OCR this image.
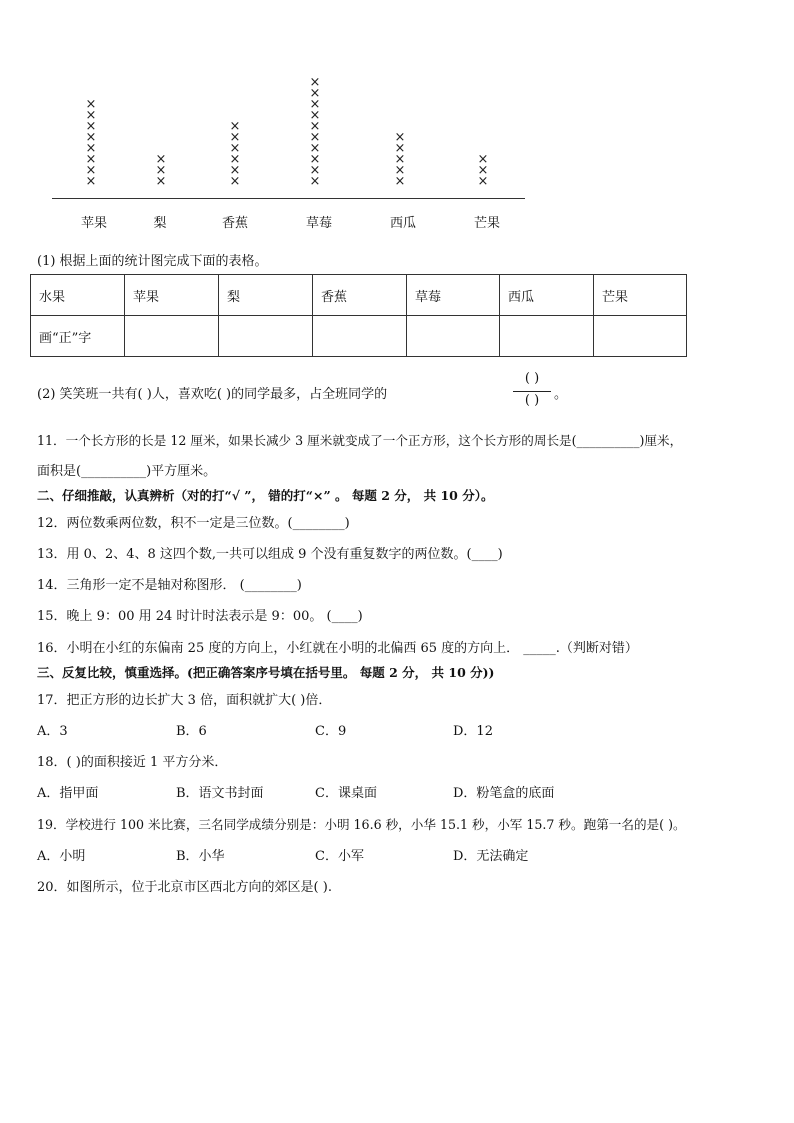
×
×
×
×
×
×
×
×
×
×
×
×
×
×
×
×
×
×
×
×
×
×
×
×
×
×
×
×
×
×
×
×
×
×
×
苹果	梨	香蕉	草莓	西瓜	芒果
(1) 根据上面的统计图完成下面的表格。
水果	苹果	梨	香蕉	草莓	西瓜	芒果
画“正”字						
(2) 笑笑班一共有( )人，喜欢吃( )的同学最多，占全班同学的
( )
( )	。
11．一个长方形的长是 12 厘米，如果长减少 3 厘米就变成了一个正方形，这个长方形的周长是(__________)厘米，
面积是(__________)平方厘米。
二、仔细推敲，认真辨析（对的打“√ ”， 错的打“×” 。 每题 2 分， 共 10 分）。
12．两位数乘两位数，积不一定是三位数。(________)
13．用 0、2、4、8 这四个数,一共可以组成 9 个没有重复数字的两位数。(____)
14．三角形一定不是轴对称图形． (________)
15．晚上 9：00 用 24 时计时法表示是 9：00。 (____)
16．小明在小红的东偏南 25 度的方向上，小红就在小明的北偏西 65 度的方向上． _____.（判断对错）
三、反复比较，慎重选择。(把正确答案序号填在括号里。 每题 2 分， 共 10 分))
17．把正方形的边长扩大 3 倍，面积就扩大( )倍．
A．3	B．6	C．9	D．12
18．( )的面积接近 1 平方分米．
A．指甲面	B．语文书封面	C．课桌面	D．粉笔盒的底面
19．学校进行 100 米比赛，三名同学成绩分别是：小明 16.6 秒，小华 15.1 秒，小军 15.7 秒。跑第一名的是( )。
A．小明	B．小华	C．小军	D．无法确定
20．如图所示，位于北京市区西北方向的郊区是( ).
